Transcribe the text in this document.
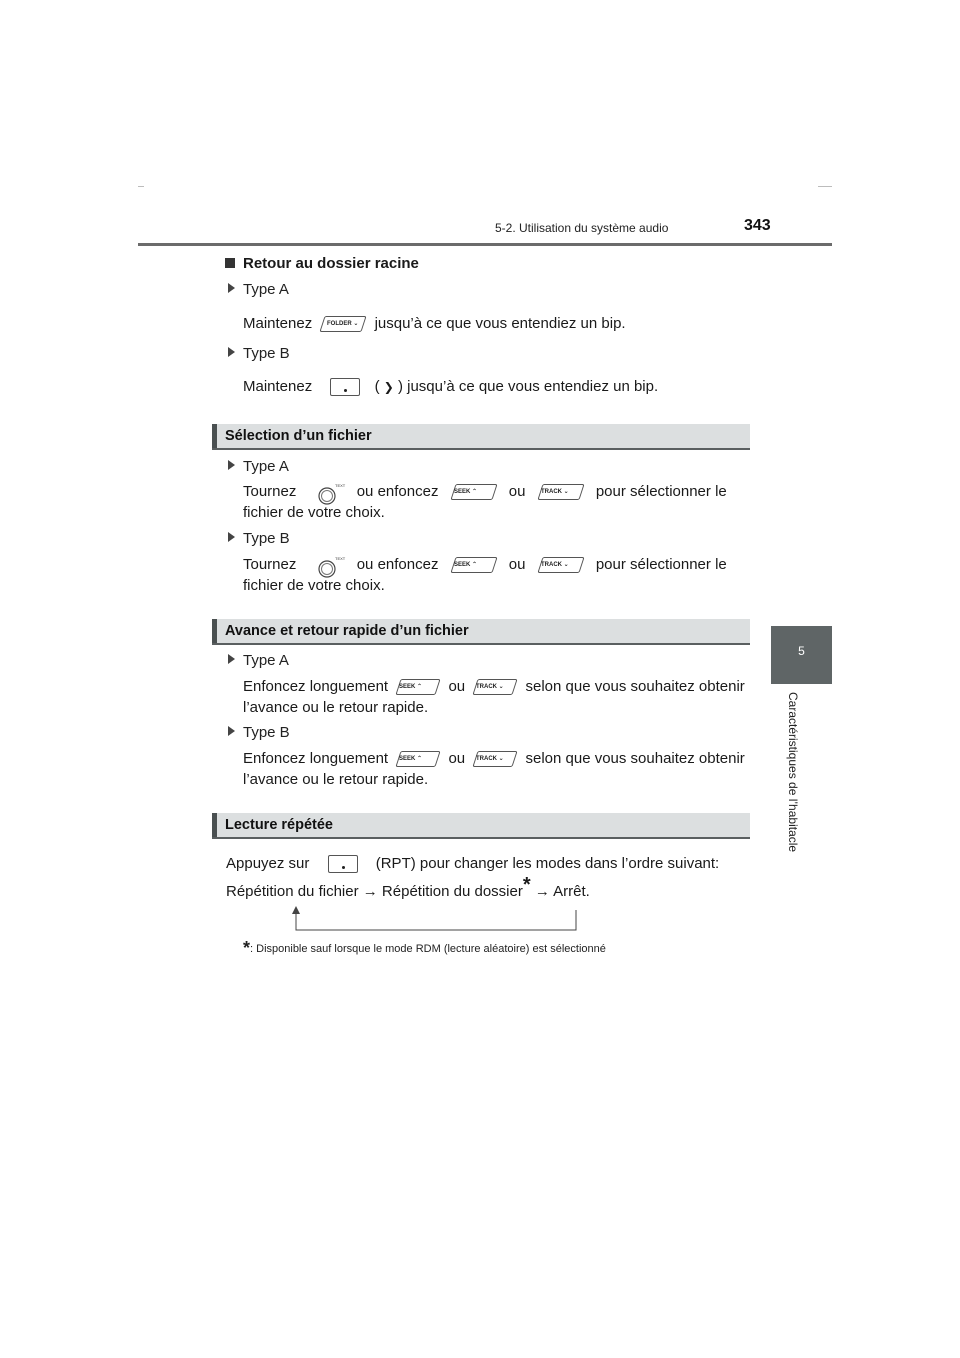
5-2. Utilisation du système audio	343
5
Caractéristiques de l’habitacle
Retour au dossier racine
Type A
Maintenez	FOLDER ⌄ jusqu’à ce que vous entendiez un bip.
Type B
Maintenez	( ❯ ) jusqu’à ce que vous entendiez un bip.
Sélection d’un fichier
Type A
Tournez	TEXT ou enfoncez	SEEK ⌃ ou	TRACK ⌄ pour sélectionner le
fichier de votre choix.
Type B
Tournez	TEXT ou enfoncez	SEEK ⌃ ou	TRACK ⌄ pour sélectionner le
fichier de votre choix.
Avance et retour rapide d’un fichier
Type A
Enfoncez longuement SEEK ⌃ ou TRACK ⌄ selon que vous souhaitez obtenir
l’avance ou le retour rapide.
Type B
Enfoncez longuement SEEK ⌃ ou TRACK ⌄ selon que vous souhaitez obtenir
l’avance ou le retour rapide.
Lecture répétée
Appuyez sur	(RPT) pour changer les modes dans l’ordre suivant:
Répétition du fichier → Répétition du dossier* → Arrêt.
*: Disponible sauf lorsque le mode RDM (lecture aléatoire) est sélectionné
